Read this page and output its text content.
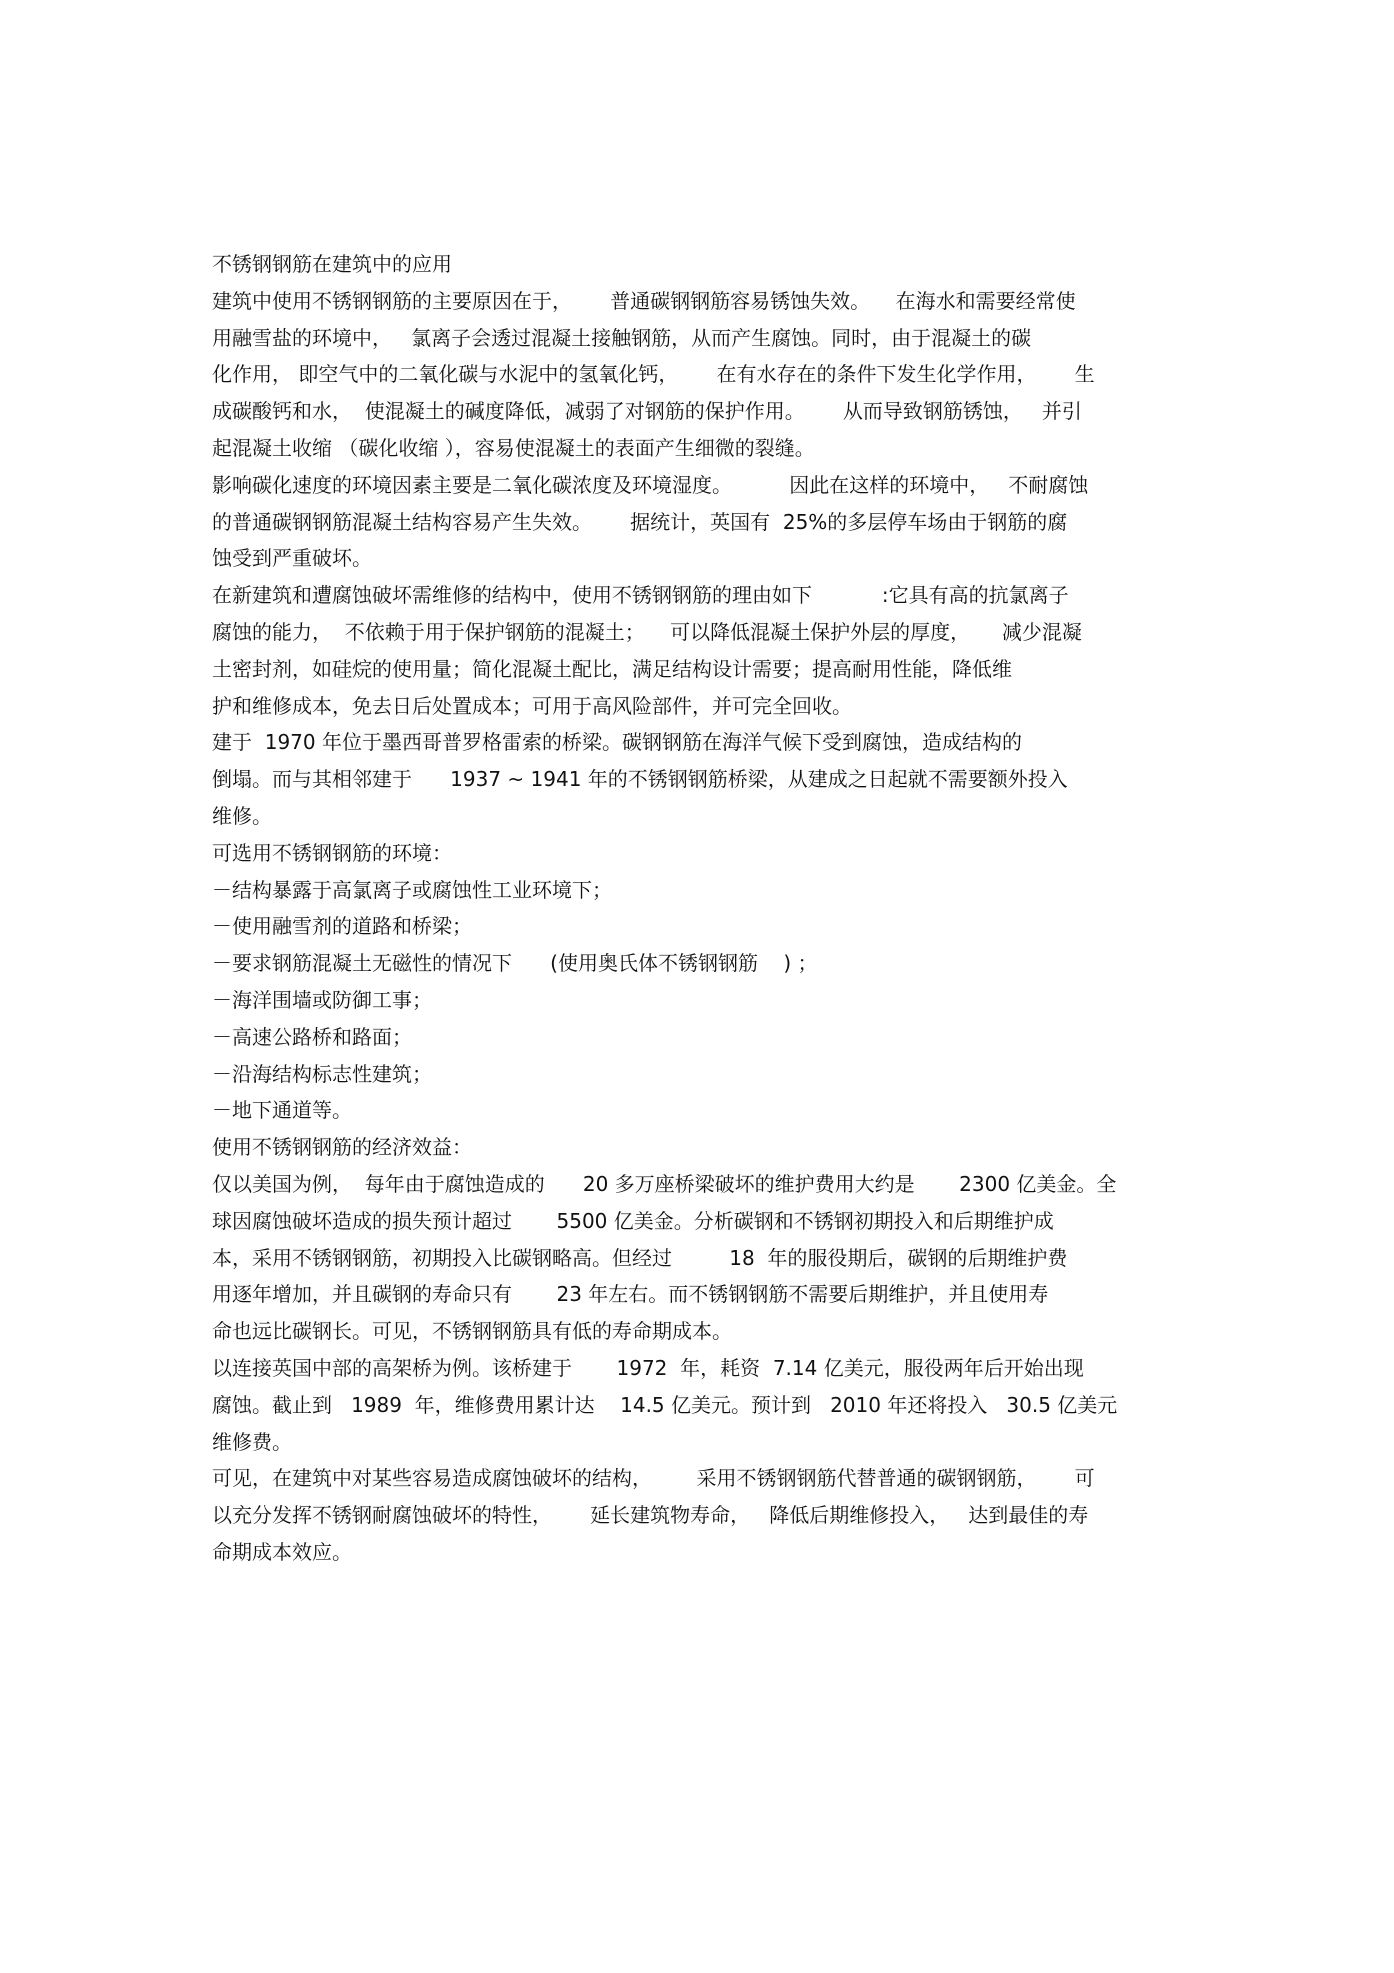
不锈钢钢筋在建筑中的应用
建筑中使用不锈钢钢筋的主要原因在于，      普通碳钢钢筋容易锈蚀失效。    在海水和需要经常使
用融雪盐的环境中，   氯离子会透过混凝土接触钢筋，从而产生腐蚀。同时，由于混凝土的碳
化作用， 即空气中的二氧化碳与水泥中的氢氧化钙，      在有水存在的条件下发生化学作用，      生
成碳酸钙和水，  使混凝土的碱度降低，减弱了对钢筋的保护作用。      从而导致钢筋锈蚀，   并引
起混凝土收缩 （碳化收缩 ），容易使混凝土的表面产生细微的裂缝。
影响碳化速度的环境因素主要是二氧化碳浓度及环境湿度。         因此在这样的环境中，   不耐腐蚀
的普通碳钢钢筋混凝土结构容易产生失效。      据统计，英国有  25%的多层停车场由于钢筋的腐
蚀受到严重破坏。
在新建筑和遭腐蚀破坏需维修的结构中，使用不锈钢钢筋的理由如下           :它具有高的抗氯离子
腐蚀的能力，  不依赖于用于保护钢筋的混凝土；    可以降低混凝土保护外层的厚度，     减少混凝
土密封剂，如硅烷的使用量；简化混凝土配比，满足结构设计需要；提高耐用性能，降低维
护和维修成本，免去日后处置成本；可用于高风险部件，并可完全回收。
建于  1970 年位于墨西哥普罗格雷索的桥梁。碳钢钢筋在海洋气候下受到腐蚀，造成结构的
倒塌。而与其相邻建于      1937 ~ 1941 年的不锈钢钢筋桥梁，从建成之日起就不需要额外投入
维修。
可选用不锈钢钢筋的环境：
－结构暴露于高氯离子或腐蚀性工业环境下；
－使用融雪剂的道路和桥梁；
－要求钢筋混凝土无磁性的情况下      (使用奥氏体不锈钢钢筋    ) ；
－海洋围墙或防御工事；
－高速公路桥和路面；
－沿海结构标志性建筑；
－地下通道等。
使用不锈钢钢筋的经济效益：
仅以美国为例，  每年由于腐蚀造成的      20 多万座桥梁破坏的维护费用大约是       2300 亿美金。全
球因腐蚀破坏造成的损失预计超过       5500 亿美金。分析碳钢和不锈钢初期投入和后期维护成
本，采用不锈钢钢筋，初期投入比碳钢略高。但经过         18  年的服役期后，碳钢的后期维护费
用逐年增加，并且碳钢的寿命只有       23 年左右。而不锈钢钢筋不需要后期维护，并且使用寿
命也远比碳钢长。可见，不锈钢钢筋具有低的寿命期成本。
以连接英国中部的高架桥为例。该桥建于       1972  年，耗资  7.14 亿美元，服役两年后开始出现
腐蚀。截止到   1989  年，维修费用累计达    14.5 亿美元。预计到   2010 年还将投入   30.5 亿美元
维修费。
可见，在建筑中对某些容易造成腐蚀破坏的结构，       采用不锈钢钢筋代替普通的碳钢钢筋，      可
以充分发挥不锈钢耐腐蚀破坏的特性，      延长建筑物寿命，   降低后期维修投入，   达到最佳的寿
命期成本效应。
